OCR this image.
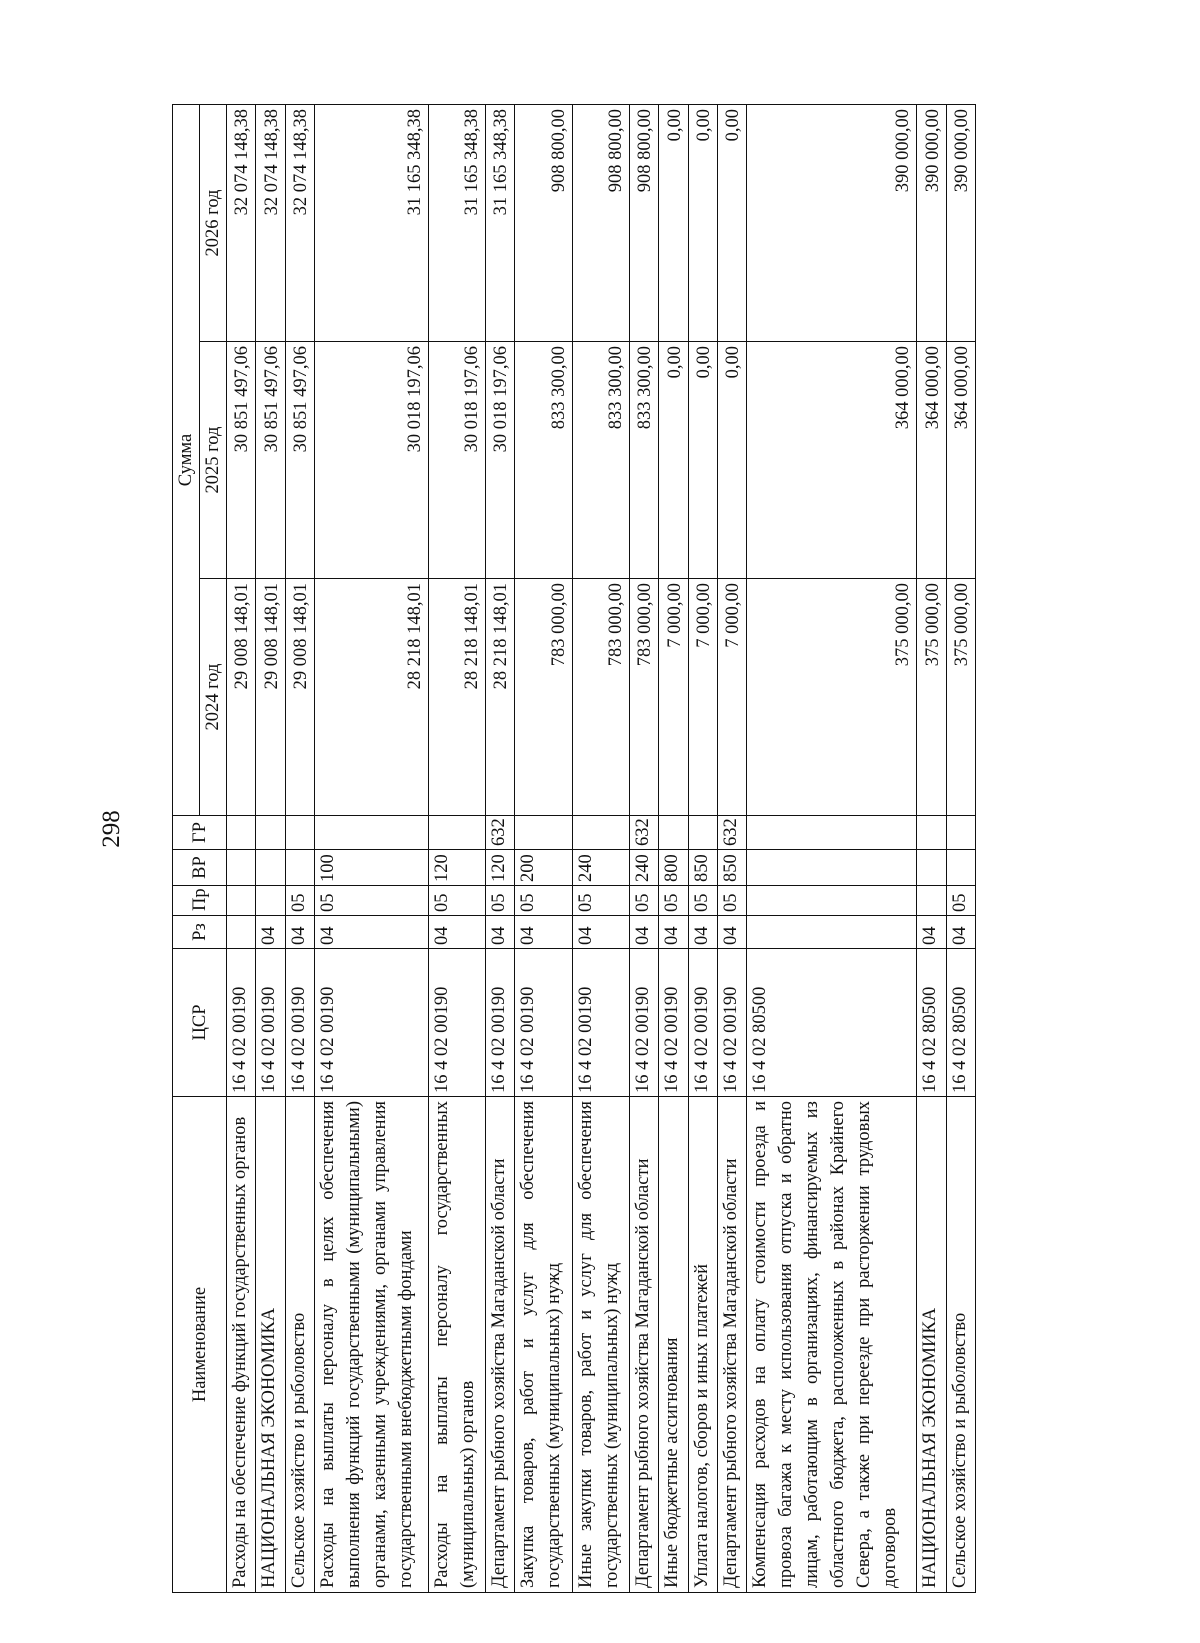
298
Наименование	ЦСР	Рз	Пр	ВР	ГР	Сумма		
						2024 год	2025 год	2026 год
Расходы на обеспечение функций государственных органов	16 4 02 00190					29 008 148,01	30 851 497,06	32 074 148,38
НАЦИОНАЛЬНАЯ ЭКОНОМИКА	16 4 02 00190	04				29 008 148,01	30 851 497,06	32 074 148,38
Сельское хозяйство и рыболовство	16 4 02 00190	04	05			29 008 148,01	30 851 497,06	32 074 148,38
Расходы на выплаты персоналу в целях обеспечения выполнения функций государственными (муниципальными) органами, казенными учреждениями, органами управления государственными внебюджетными фондами	16 4 02 00190	04	05	100		28 218 148,01	30 018 197,06	31 165 348,38
Расходы на выплаты персоналу государственных (муниципальных) органов	16 4 02 00190	04	05	120		28 218 148,01	30 018 197,06	31 165 348,38
Департамент рыбного хозяйства Магаданской области	16 4 02 00190	04	05	120	632	28 218 148,01	30 018 197,06	31 165 348,38
Закупка товаров, работ и услуг для обеспечения государственных (муниципальных) нужд	16 4 02 00190	04	05	200		783 000,00	833 300,00	908 800,00
Иные закупки товаров, работ и услуг для обеспечения государственных (муниципальных) нужд	16 4 02 00190	04	05	240		783 000,00	833 300,00	908 800,00
Департамент рыбного хозяйства Магаданской области	16 4 02 00190	04	05	240	632	783 000,00	833 300,00	908 800,00
Иные бюджетные ассигнования	16 4 02 00190	04	05	800		7 000,00	0,00	0,00
Уплата налогов, сборов и иных платежей	16 4 02 00190	04	05	850		7 000,00	0,00	0,00
Департамент рыбного хозяйства Магаданской области	16 4 02 00190	04	05	850	632	7 000,00	0,00	0,00
Компенсация расходов на оплату стоимости проезда и провоза багажа к месту использования отпуска и обратно лицам, работающим в организациях, финансируемых из областного бюджета, расположенных в районах Крайнего Севера, а также при переезде при расторжении трудовых договоров	16 4 02 80500					375 000,00	364 000,00	390 000,00
НАЦИОНАЛЬНАЯ ЭКОНОМИКА	16 4 02 80500	04				375 000,00	364 000,00	390 000,00
Сельское хозяйство и рыболовство	16 4 02 80500	04	05			375 000,00	364 000,00	390 000,00
